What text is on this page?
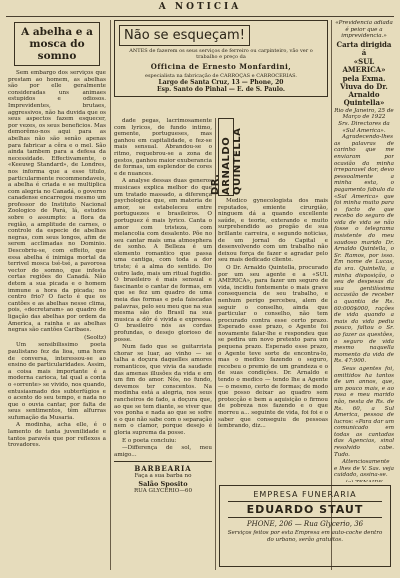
A NOTICIA
A abelha e a mosca do somno

Sem embargo dos serviços que prestam ao homem, as abelhas são por elle geralmente consideradas uns animaes estupidos e odiosos. Imprevidentes, brutaes, aggressivos, não ha duvida que os seus aspectos fazem esquecer, por vezes, os seus beneficios. Mas demorêmo-nos aqui para as abelhas não são senão apenas para fabricar a cêra e o mel. São ainda tambem para a defesa da necessidade. Effectivamente, o «Keeuwg Standard», de Londres, nos informa que a esse titulo, particularmente recommendaveis, a abelha é criada e se multiplica com alegria no Canadá, o governo canadense encarregou mesmo um professor do Instituto Nacional Zoologico de Pará, lá, estudos sobre o assumpto: a flora da região, a amplitude de carnes, o controle da especie de abelhas negras, com seus longos, afim de serem acclimadas no Dominio. Descobriu-se, com effeito, que essa abelha é inimiga mortal da terrivel mosca tsé-tsé, a pavorosa vector do somno, que infesta certas regiões do Canadá. Não detem a sua picada e o homem immune a hora da picada; no centro frio? O facto é que os cantões e as abelhas nesse clima, pois, «decretaram» ao quadro de ligação das abelhas por ordem da America, a rainha e as abelhas negras são cantões Caribaes.

(Seoltz)

Um sensibilissimo poeta paulistano fez da lioa, uma hora de conversa, interessou-se ao ensino de particularidades. Assim, a coisa mais importante é a moderna carioca, tal qual a conta o «orrente» se vivido, nos quando, entusiasmado dos subterfúgios e o acento do seu tempo, e nada no que o ouvia cantar, por falta de seus sentimentos, têm alfurras sufumação da Musaria.

A modinha, acha elle, é o lamento de tanta juvenilidade e tantos paravés que por reflexos a trovadores.

Não se esqueçam!
ANTES de fazerem os seus serviços de ferreiro ou carpinteiro, vão ver o trabalho e preço da
Officina de Ernesto Monfardini,
especialista na fabricação de CARROÇAS e CARROCERIAS.
Largo de Santa Cruz, 13 — Phone, 20
Esp. Santo do Pinhal — E. de S. Paulo.

dade pegas, lacrimosamente com lyricos, de fundo intimo, gemente, portugueses, mas ganhou em capitalidade, e fez-se mais sensual. Abrandou-se o ritmo, requebrou-se a zona de gestos, ganhou maior exuberancia de formas, um esplendor de cores e de nuances.

A analyse dessas duas generos musicaes explica melhor do que um tratado massado, a diferença psychologica que, em materia de amor, se estabeleceu entre portuguezes e brasileiros. O portuguez é mais lyrico. Canta o amor com tristeza, com melancolia com desalento. Põe no seu cantar mais uma atmosphera de sonho. A Belleza é um elemento romantico que passa uma cantiga, com toda a dor triste; é a alma do sentido. Do outro lado, mais um ritual fugidio. O brasileiro é mais sensual e fascinante o cantar de formas, em que se fez um quadro de uma meia das formas e pela faiscadas palavras, pelo seu meu que na sua mesma são do Brasil na sua musica a dôr é vivida e expressa. O brasileiro nós as cordas profundas, o desejo glorioso de posse.

Num fado que se guitarrista chorar se luar, ao vinho — se talha a doçura daquelles amores romanticos, que vivia da saudade das amenas illusões da vida e em um fim do amor. Nós, no fundo, devemos ter conscentos. Na modinha está a alegria, nos seus rancheiros de fado, a doçura que, ao que se tem diante, se viver que vos ponha e nada ao que se sofre e o que não sabe com o separação nem o clamor, porque desejo é gloria suprema da posse.

E o poeta concluiu:

—Differença de sol, meu amigo...

BARBEARIA
Faça a sua barba no
Salão Sposito
RUA GLYCERIO—60
DR. ARNALDO QUINTELLA

Medico gynecologista dos mais reputados, emiente cirurgião, ninguem dá a quando excellente saúde, e teorie, exterando e muito surprehendido ao pregão de sua brillante carreira, e segundo noticias, de um jornal do Capital e desenvolvendo com um trabalho não deixou força de fazer e agradar pelo seu mais dedicado cliente.

O Dr. Arnaldo Quintella, procurado por um seu agente e a «SUL AMERICA», para fazer um seguro de vida, incidiu fontemente o mais grave consequencia de seu trabalho, e nenhum perigo percebeu, alem de seguir o conselho, ainda que particular o conselho, não tem procurado contra esse certo prazo. Esperado esse prazo, o Agente foi novamente falar-lhe e respondeu que se pedira um novo pretexto para um pequena prazo. Esperado esse prazo, o Agente teve sorte de encontra-lo, mas o medico fazendo o seguro, recebeu o premio de um grandeza e o de suas condições. Dr. Arnaldo e tendo o medico — tendo lhe a Agente — o mesmo, certo de formas; de modo que posso deixar ao quadro sem protecção e bem a aquisição o firmou de pobreza nos fazendo e o que morreu a... seguinte de vida, foi foi e o saber que conseguiu de pessoas lembrando, diz...

«Previdencia adiada é peior que a imprevidencia.»
Carta dirigida á
«SUL AMERICA»
pela Exma. Viuva do Dr. Arnaldo Quintella»
Rio de Janeiro, 25 de Março de 1922
Srs. Directores da «Sul America».

Agradecendo-lhes as palavras de carinho que me enviaram por ocasião da minha irreparavel dor, devo pessoalmente a minha esta, o pagamento fabulo da «Sul America» que foi minha muito para o facto de que recebo do seguro de vida de vida se não fosse o telegrama insistente do meu saudoso marido Dr. Arnaldo Quintella, o Sr. Ramos, por isso. Em nome de Lucas, da sra. Quintella, a minha disposição, o seu de despesas da sua gentilíssima occasião de receber a quantia de Rs. 60:000$000, rações de vida quando a mais da vida pediu pouco, faltou o Sr. ao fazer as questões, o seguro de vida mesmo naquella momento da vida de Rs. 47:900.

Seus agentes foi, omittidos ha tantos de um annos, que, um pouco mais, e ao rosa e meu marido não, nesta de Rs. de Rs. 60, a Sul America, pessoa de lucros: «Para dar um comunicado em todas as cantadas das Agencias, sinal resolvido cabe. Tudo.

Attenciosamente e lhes de V. Sas. veja cuidado, assina-se.

EMPRESA FUNERARIA
EDUARDO STAUT
PHONE, 206 — Rua Glycerio, 36
Serviços feitos por esta Empresa em auto-coche dentro do urbano, serão gratuitos.
